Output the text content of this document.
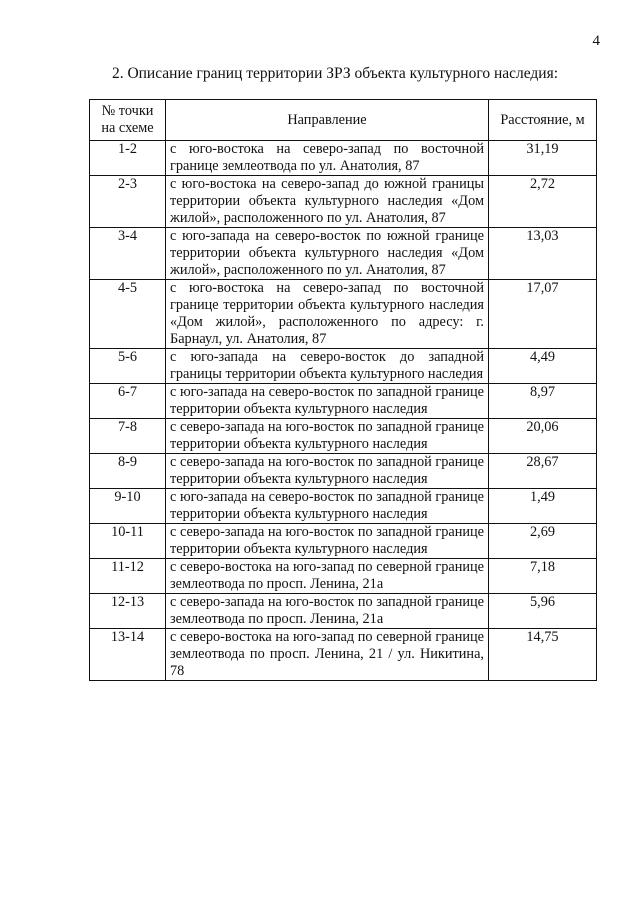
4
2. Описание границ территории ЗРЗ объекта культурного наследия:
№ точки
на схеме	Направление	Расстояние, м
1-2	с юго-востока на северо-запад по восточной границе землеотвода по ул. Анатолия, 87	31,19
2-3	с юго-востока на северо-запад до южной границы территории объекта культурного наследия «Дом жилой», расположенного по ул. Анатолия, 87	2,72
3-4	с юго-запада на северо-восток по южной границе территории объекта культурного наследия «Дом жилой», расположенного по ул. Анатолия, 87	13,03
4-5	с юго-востока на северо-запад по восточной границе территории объекта культурного наследия «Дом жилой», расположенного по адресу: г. Барнаул, ул. Анатолия, 87	17,07
5-6	с юго-запада на северо-восток до западной границы территории объекта культурного наследия	4,49
6-7	с юго-запада на северо-восток по западной границе территории объекта культурного наследия	8,97
7-8	с северо-запада на юго-восток по западной границе территории объекта культурного наследия	20,06
8-9	с северо-запада на юго-восток по западной границе территории объекта культурного наследия	28,67
9-10	с юго-запада на северо-восток по западной границе территории объекта культурного наследия	1,49
10-11	с северо-запада на юго-восток по западной границе территории объекта культурного наследия	2,69
11-12	с северо-востока на юго-запад по северной границе землеотвода по просп. Ленина, 21а	7,18
12-13	с северо-запада на юго-восток по западной границе землеотвода по просп. Ленина, 21а	5,96
13-14	с северо-востока на юго-запад по северной границе землеотвода по просп. Ленина, 21 / ул. Никитина, 78	14,75
